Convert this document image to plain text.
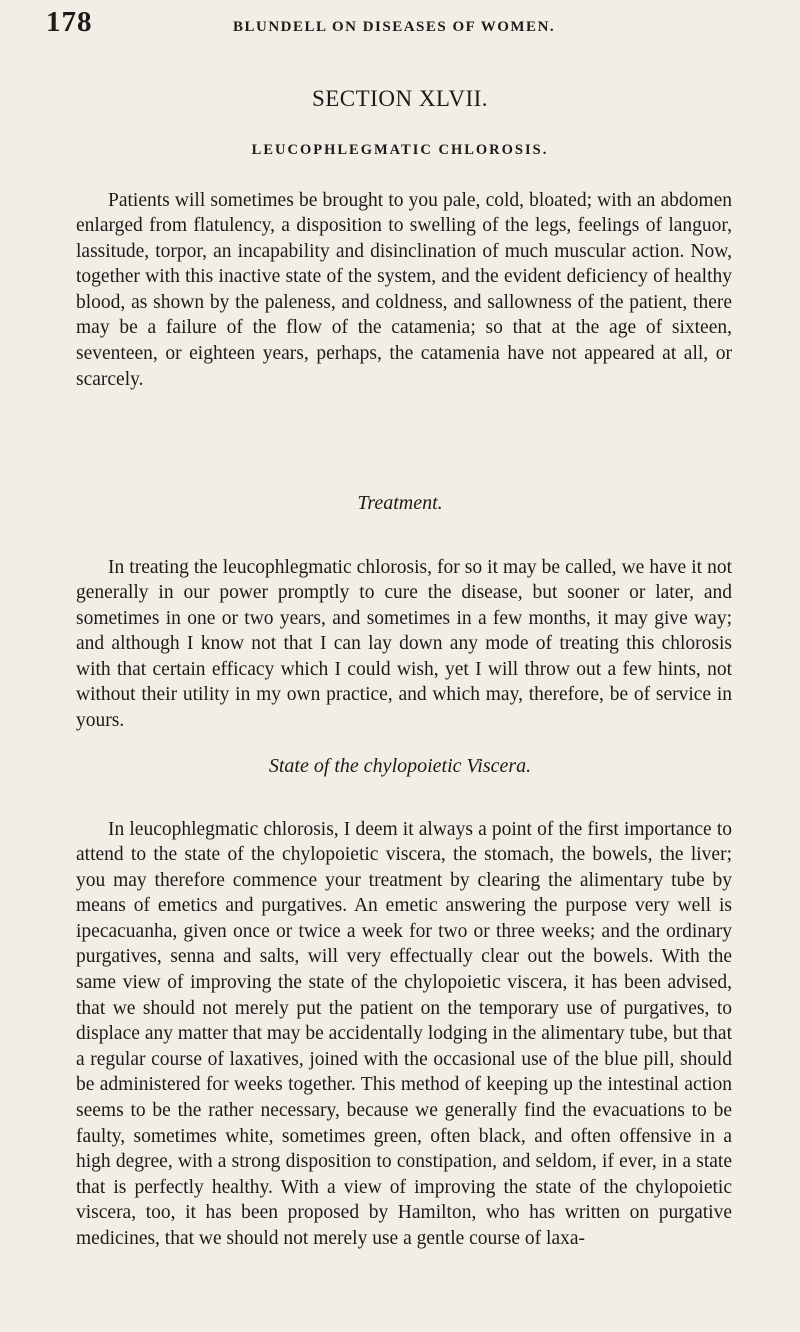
178	BLUNDELL ON DISEASES OF WOMEN.
SECTION XLVII.
LEUCOPHLEGMATIC CHLOROSIS.

Patients will sometimes be brought to you pale, cold, bloated; with an abdomen enlarged from flatulency, a disposition to swelling of the legs, feelings of languor, lassitude, torpor, an incapability and disinclination of much muscular action. Now, together with this inactive state of the system, and the evident deficiency of healthy blood, as shown by the paleness, and coldness, and sallowness of the patient, there may be a failure of the flow of the catamenia; so that at the age of sixteen, seventeen, or eighteen years, perhaps, the catamenia have not appeared at all, or scarcely.

Treatment.

In treating the leucophlegmatic chlorosis, for so it may be called, we have it not generally in our power promptly to cure the disease, but sooner or later, and sometimes in one or two years, and sometimes in a few months, it may give way; and although I know not that I can lay down any mode of treating this chlorosis with that certain efficacy which I could wish, yet I will throw out a few hints, not without their utility in my own practice, and which may, therefore, be of service in yours.

State of the chylopoietic Viscera.

In leucophlegmatic chlorosis, I deem it always a point of the first importance to attend to the state of the chylopoietic viscera, the stomach, the bowels, the liver; you may therefore commence your treatment by clearing the alimentary tube by means of emetics and purgatives. An emetic answering the purpose very well is ipecacuanha, given once or twice a week for two or three weeks; and the ordinary purgatives, senna and salts, will very effectually clear out the bowels. With the same view of improving the state of the chylopoietic viscera, it has been advised, that we should not merely put the patient on the temporary use of purgatives, to displace any matter that may be accidentally lodging in the alimentary tube, but that a regular course of laxatives, joined with the occasional use of the blue pill, should be administered for weeks together. This method of keeping up the intestinal action seems to be the rather necessary, because we generally find the evacuations to be faulty, sometimes white, sometimes green, often black, and often offensive in a high degree, with a strong disposition to constipation, and seldom, if ever, in a state that is perfectly healthy. With a view of improving the state of the chylopoietic viscera, too, it has been proposed by Hamilton, who has written on purgative medicines, that we should not merely use a gentle course of laxa-
